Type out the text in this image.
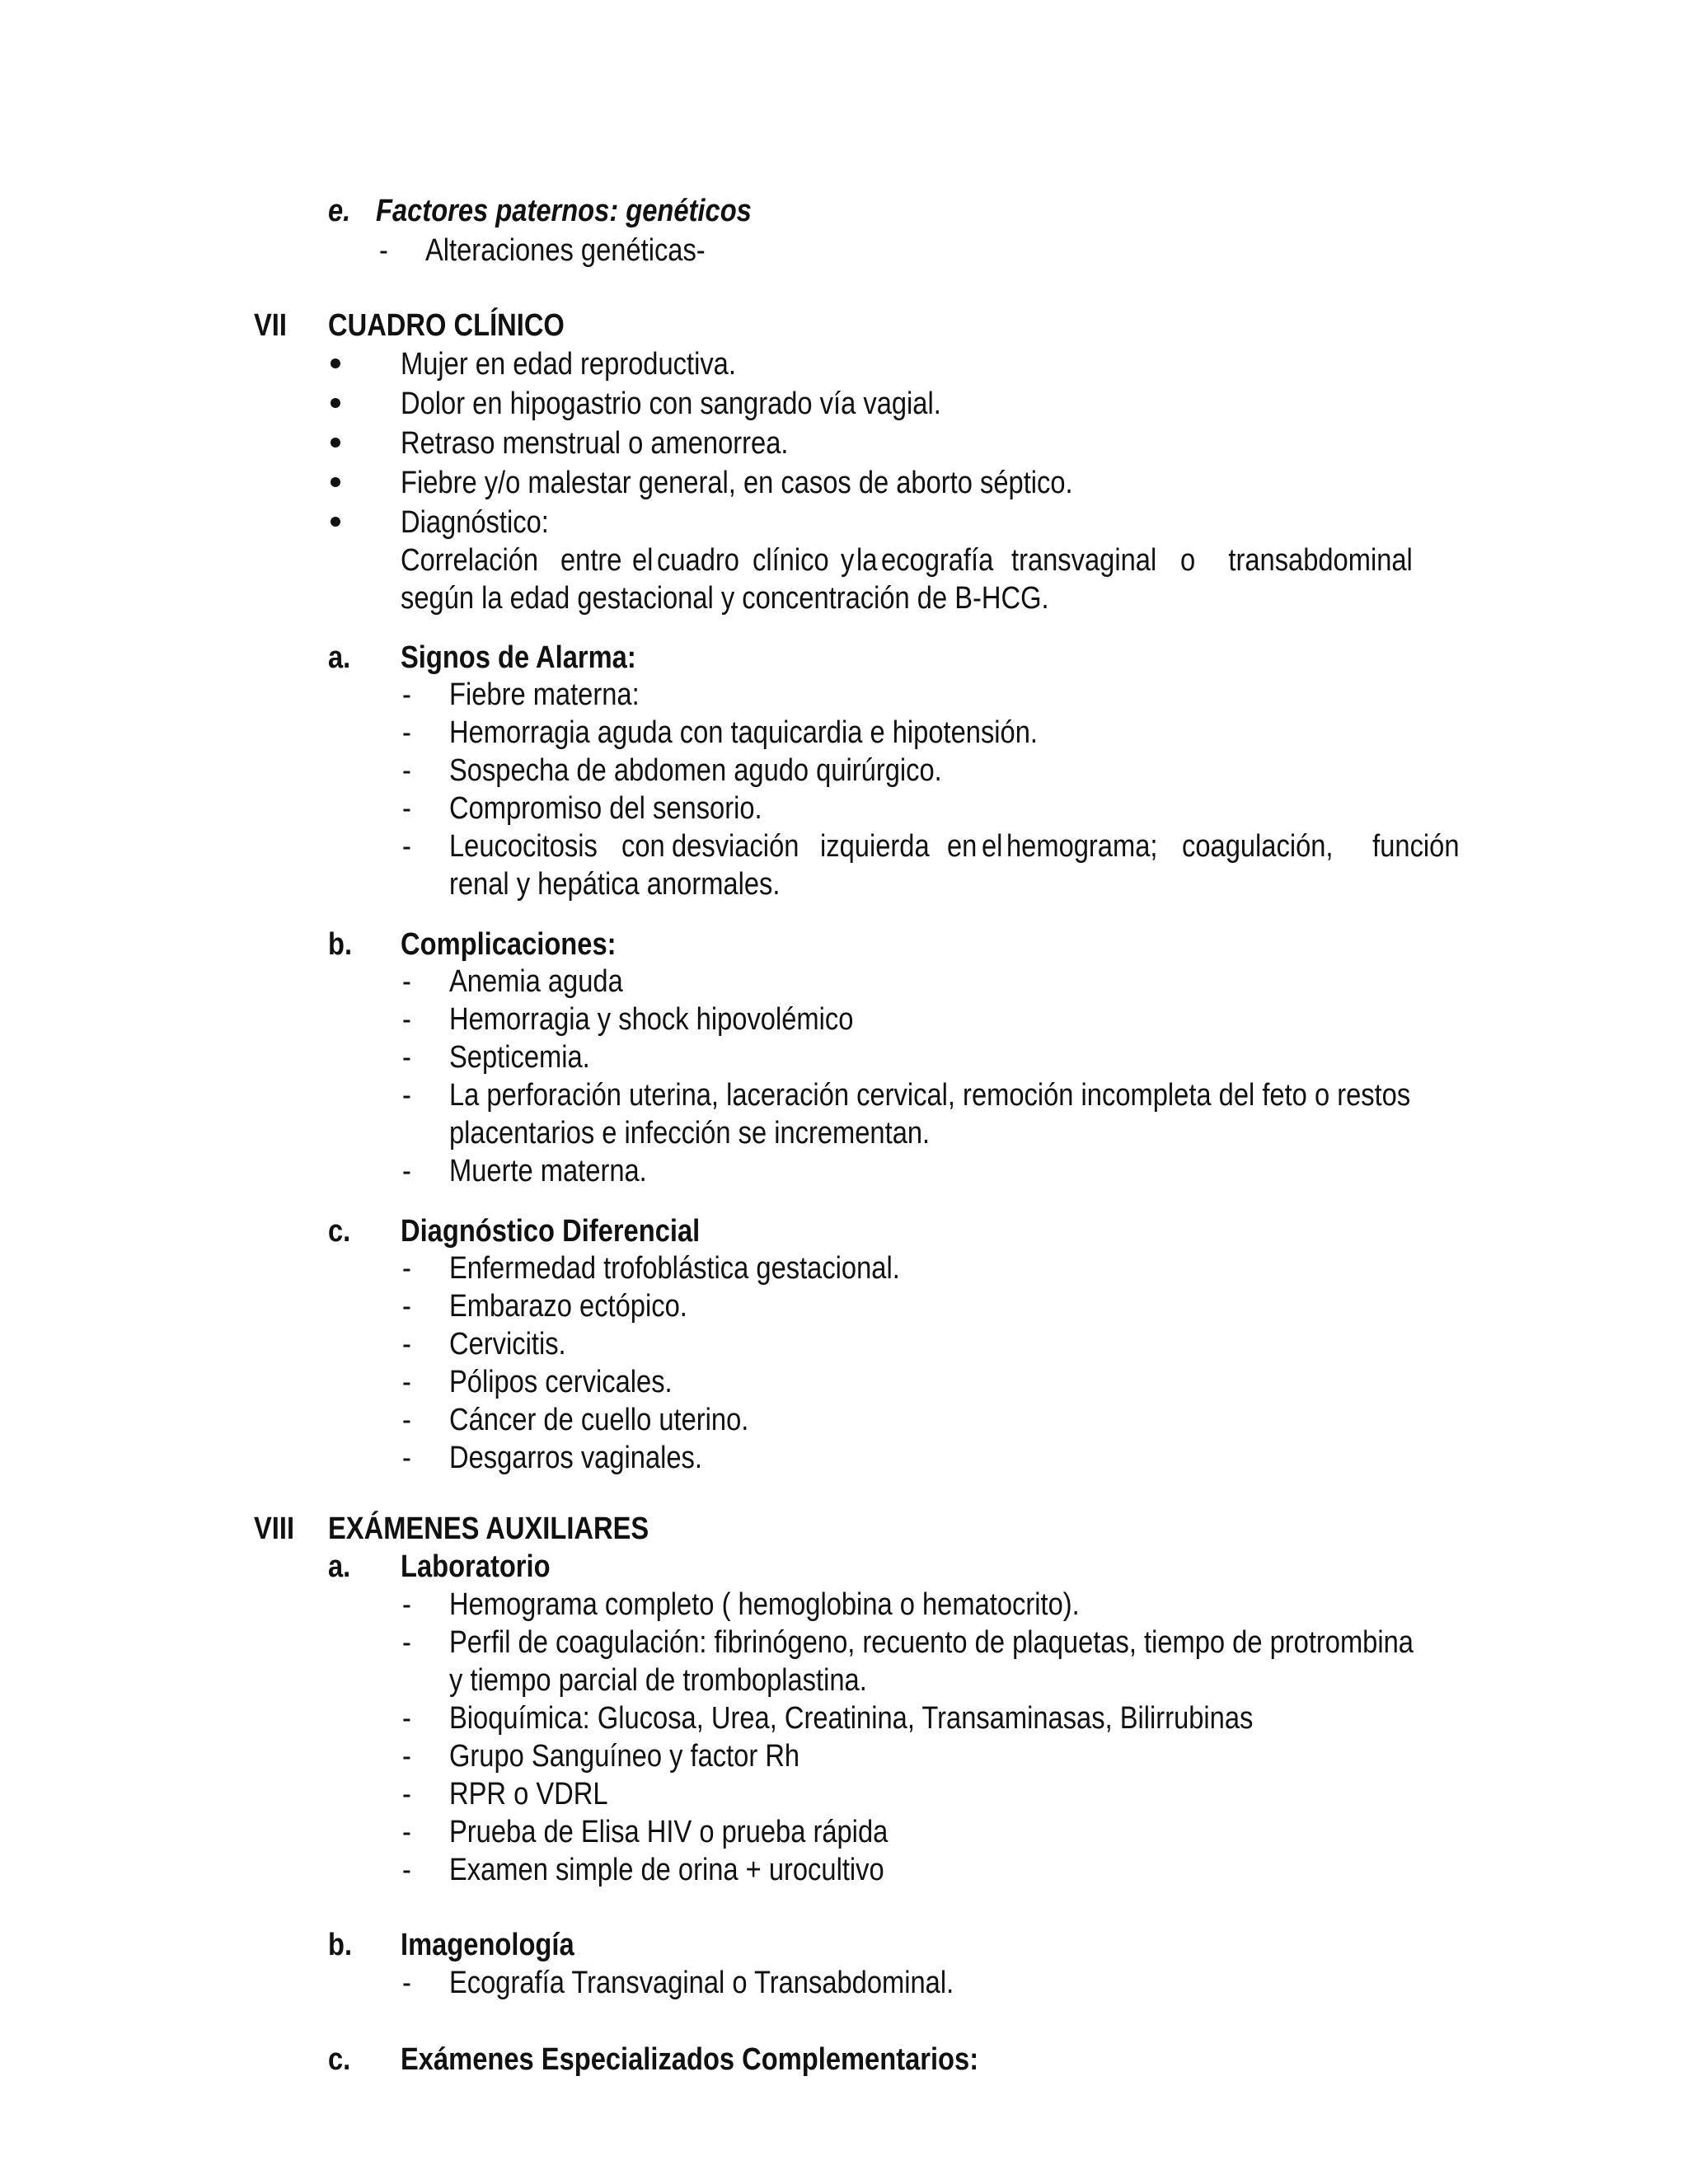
e. Factores paternos: genéticos
- Alteraciones genéticas-
VII CUADRO CLÍNICO
Mujer en edad reproductiva.
Dolor en hipogastrio con sangrado vía vagial.
Retraso menstrual o amenorrea.
Fiebre y/o malestar general, en casos de aborto séptico.
Diagnóstico:
Correlación entre el cuadro clínico y la ecografía transvaginal o transabdominal
según la edad gestacional y concentración de B-HCG.
a. Signos de Alarma:
- Fiebre materna:
- Hemorragia aguda con taquicardia e hipotensión.
- Sospecha de abdomen agudo quirúrgico.
- Compromiso del sensorio.
- Leucocitosis con desviación izquierda en el hemograma; coagulación, función
renal y hepática anormales.
b. Complicaciones:
- Anemia aguda
- Hemorragia y shock hipovolémico
- Septicemia.
- La perforación uterina, laceración cervical, remoción incompleta del feto o restos
placentarios e infección se incrementan.
- Muerte materna.
c. Diagnóstico Diferencial
- Enfermedad trofoblástica gestacional.
- Embarazo ectópico.
- Cervicitis.
- Pólipos cervicales.
- Cáncer de cuello uterino.
- Desgarros vaginales.
VIII EXÁMENES AUXILIARES
a. Laboratorio
- Hemograma completo ( hemoglobina o hematocrito).
- Perfil de coagulación: fibrinógeno, recuento de plaquetas, tiempo de protrombina
y tiempo parcial de tromboplastina.
- Bioquímica: Glucosa, Urea, Creatinina, Transaminasas, Bilirrubinas
- Grupo Sanguíneo y factor Rh
- RPR o VDRL
- Prueba de Elisa HIV o prueba rápida
- Examen simple de orina + urocultivo
b. Imagenología
- Ecografía Transvaginal o Transabdominal.
c. Exámenes Especializados Complementarios:
